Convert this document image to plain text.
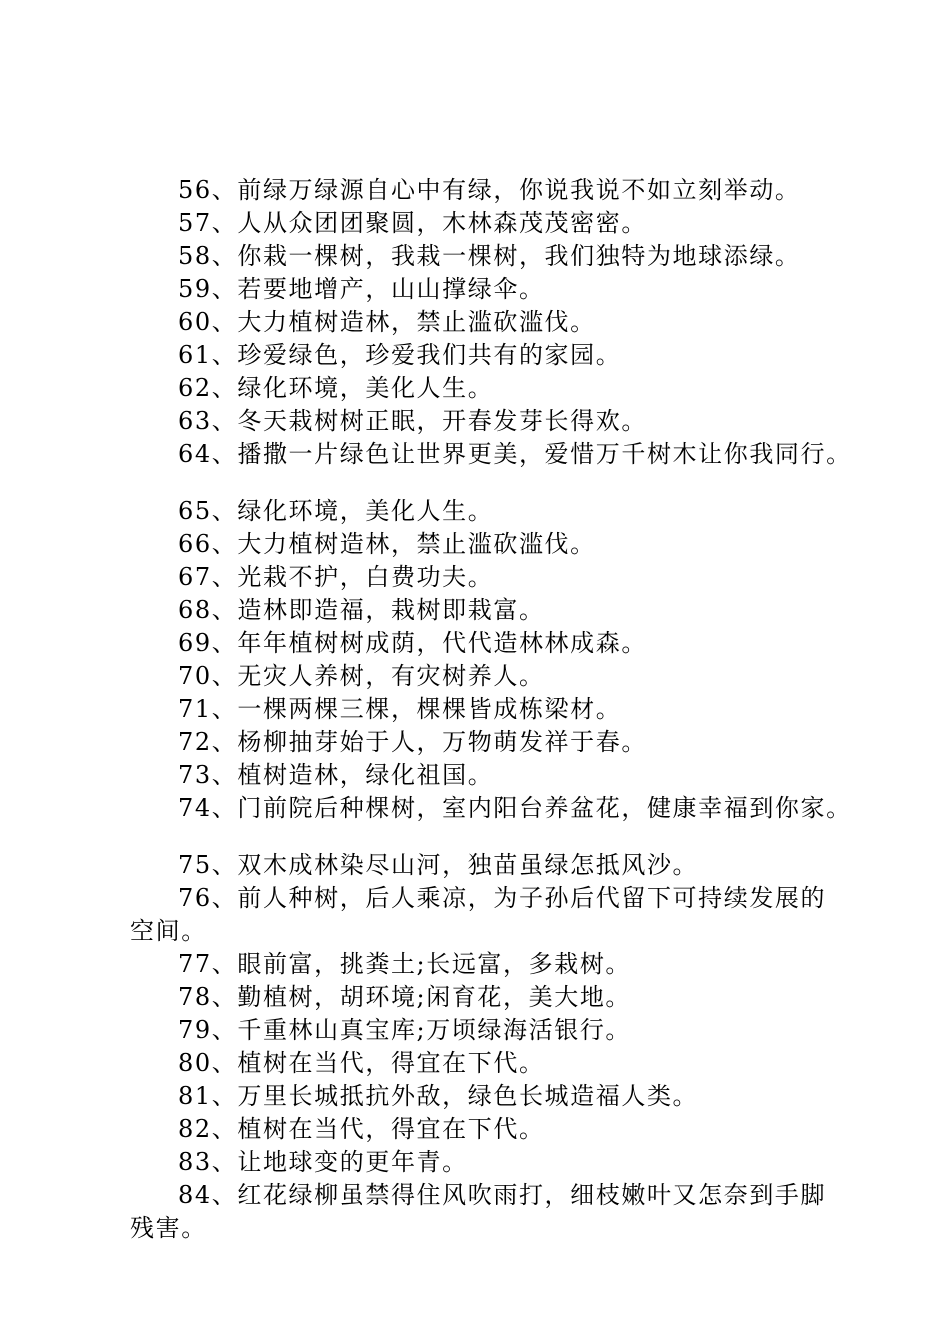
56、前绿万绿源自心中有绿，你说我说不如立刻举动。
57、人从众团团聚圆，木林森茂茂密密。
58、你栽一棵树，我栽一棵树，我们独特为地球添绿。
59、若要地增产，山山撑绿伞。
60、大力植树造林，禁止滥砍滥伐。
61、珍爱绿色，珍爱我们共有的家园。
62、绿化环境，美化人生。
63、冬天栽树树正眠，开春发芽长得欢。
64、播撒一片绿色让世界更美，爱惜万千树木让你我同行。
65、绿化环境，美化人生。
66、大力植树造林，禁止滥砍滥伐。
67、光栽不护，白费功夫。
68、造林即造福，栽树即栽富。
69、年年植树树成荫，代代造林林成森。
70、无灾人养树，有灾树养人。
71、一棵两棵三棵，棵棵皆成栋梁材。
72、杨柳抽芽始于人，万物萌发祥于春。
73、植树造林，绿化祖国。
74、门前院后种棵树，室内阳台养盆花，健康幸福到你家。
75、双木成林染尽山河，独苗虽绿怎抵风沙。
76、前人种树，后人乘凉，为子孙后代留下可持续发展的空间。
77、眼前富，挑粪土;长远富，多栽树。
78、勤植树，胡环境;闲育花，美大地。
79、千重林山真宝库;万顷绿海活银行。
80、植树在当代，得宜在下代。
81、万里长城抵抗外敌，绿色长城造福人类。
82、植树在当代，得宜在下代。
83、让地球变的更年青。
84、红花绿柳虽禁得住风吹雨打，细枝嫩叶又怎奈到手脚残害。
